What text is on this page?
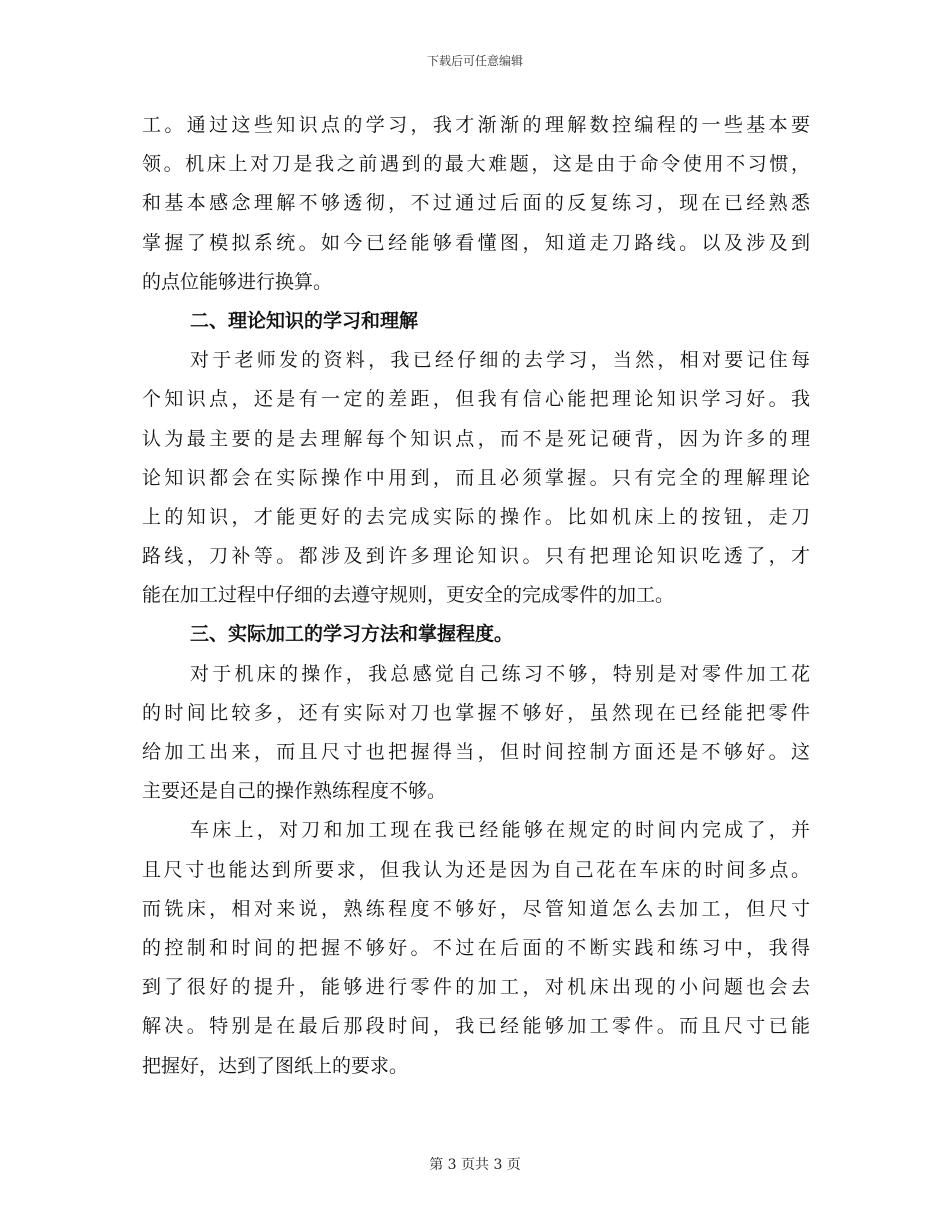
下载后可任意编辑
工。通过这些知识点的学习，我才渐渐的理解数控编程的一些基本要
领。机床上对刀是我之前遇到的最大难题，这是由于命令使用不习惯，
和基本感念理解不够透彻，不过通过后面的反复练习，现在已经熟悉
掌握了模拟系统。如今已经能够看懂图，知道走刀路线。以及涉及到
的点位能够进行换算。
二、理论知识的学习和理解
对于老师发的资料，我已经仔细的去学习，当然，相对要记住每
个知识点，还是有一定的差距，但我有信心能把理论知识学习好。我
认为最主要的是去理解每个知识点，而不是死记硬背，因为许多的理
论知识都会在实际操作中用到，而且必须掌握。只有完全的理解理论
上的知识，才能更好的去完成实际的操作。比如机床上的按钮，走刀
路线，刀补等。都涉及到许多理论知识。只有把理论知识吃透了，才
能在加工过程中仔细的去遵守规则，更安全的完成零件的加工。
三、实际加工的学习方法和掌握程度。
对于机床的操作，我总感觉自己练习不够，特别是对零件加工花
的时间比较多，还有实际对刀也掌握不够好，虽然现在已经能把零件
给加工出来，而且尺寸也把握得当，但时间控制方面还是不够好。这
主要还是自己的操作熟练程度不够。
车床上，对刀和加工现在我已经能够在规定的时间内完成了，并
且尺寸也能达到所要求，但我认为还是因为自己花在车床的时间多点。
而铣床，相对来说，熟练程度不够好，尽管知道怎么去加工，但尺寸
的控制和时间的把握不够好。不过在后面的不断实践和练习中，我得
到了很好的提升，能够进行零件的加工，对机床出现的小问题也会去
解决。特别是在最后那段时间，我已经能够加工零件。而且尺寸已能
把握好，达到了图纸上的要求。
第 3 页共 3 页
